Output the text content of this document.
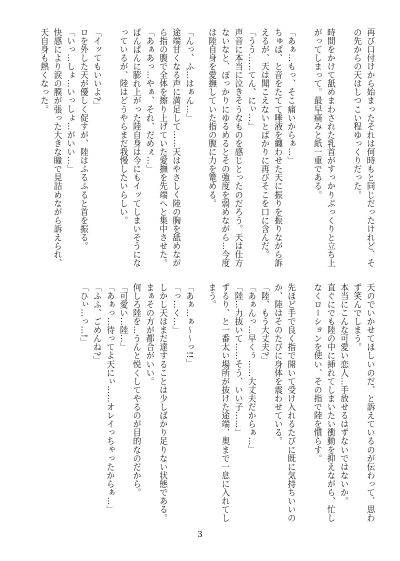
再び口付けから始まったそれは何時もと同じだったけれど、その先からの天はしつこい程ゆっくりだった。

時間をかけて舐めまわされた乳首がすっかりぷっくりと立ち上がってしまって。最早痛みと紙一重である。

「あぁ…もっ、そこ痛いからぁ…」

ちゅぱ、と音をたてて唾液を纏わせた天に振りを振りながら訴えるが、天は聞こえないとばかりに再びそこを口に含んだ。

「うう……てん、にぃ…」

声音に本当に泣きそうなものを感じとったのだろう。天は仕方ないなと、ぽっかりにゆるめるとその強度を弱めながら…今度は陸自身を愛撫していた指の腹に力を篭める。

「んっ、ふ…はぁん…」

途端甘くなる声に満足して……天はやさしく陸の胸を舐めながら指の腹で全体を擦り上げていた愛撫を先端へと集中させた。

「あぁあっ…やぁ、それ、だめぇ…」

ぱんぱんに膨れ上がった陸自身は今にもイッてしまいそうになっているが、陸はどうやらまだ我慢したいらしい。

「イッてもいいよ?」

ロを外した天が優しく促すが、陸はふるふると首を振る。

「いっ…しょ…いっしょ…がいい…」

快感により涙の膜が張った大きな瞳で見詰めながら訴えられ、天自身も熱くなった。

天のでいかせてほしいのだ、と訴えているのが伝わって、思わず笑んでしまう。

本当にこんな可愛い恋人…手放せるはずないではないか。

直ぐにでも陸の中に挿れてしまいたい衝動を抑えながら、忙しなくローションを使い、その指で陸を慣らす。

先ほど手で良く指で開いて受け入れるたびに既に気持ちいいのか、陸はそのたびに身体を震わせている。

「陸、もう大丈夫?」

「あぁんっ…早くぅ……大丈夫だからぁ…」

「陸…力抜いて……そう、いい子……」

ずるり、と一番太い場所が抜けた途端、奥まで一息に入れてしまう。

「あぁ…ぁ〜〜っ!!」

「っ…く…」

しかし天はまだ達することは少しばかり足りない状態である。

まぁその方が都合がいい。

何しろ陸を…うんと悦くしてやるのが目的なのだから。

「可愛い…陸…」

「あぁっ…待ってよ天にぃ……オレイっちゃったからぁ…」

「ふふ、ごめんね?」

「ひぃ…っ…!」

3
